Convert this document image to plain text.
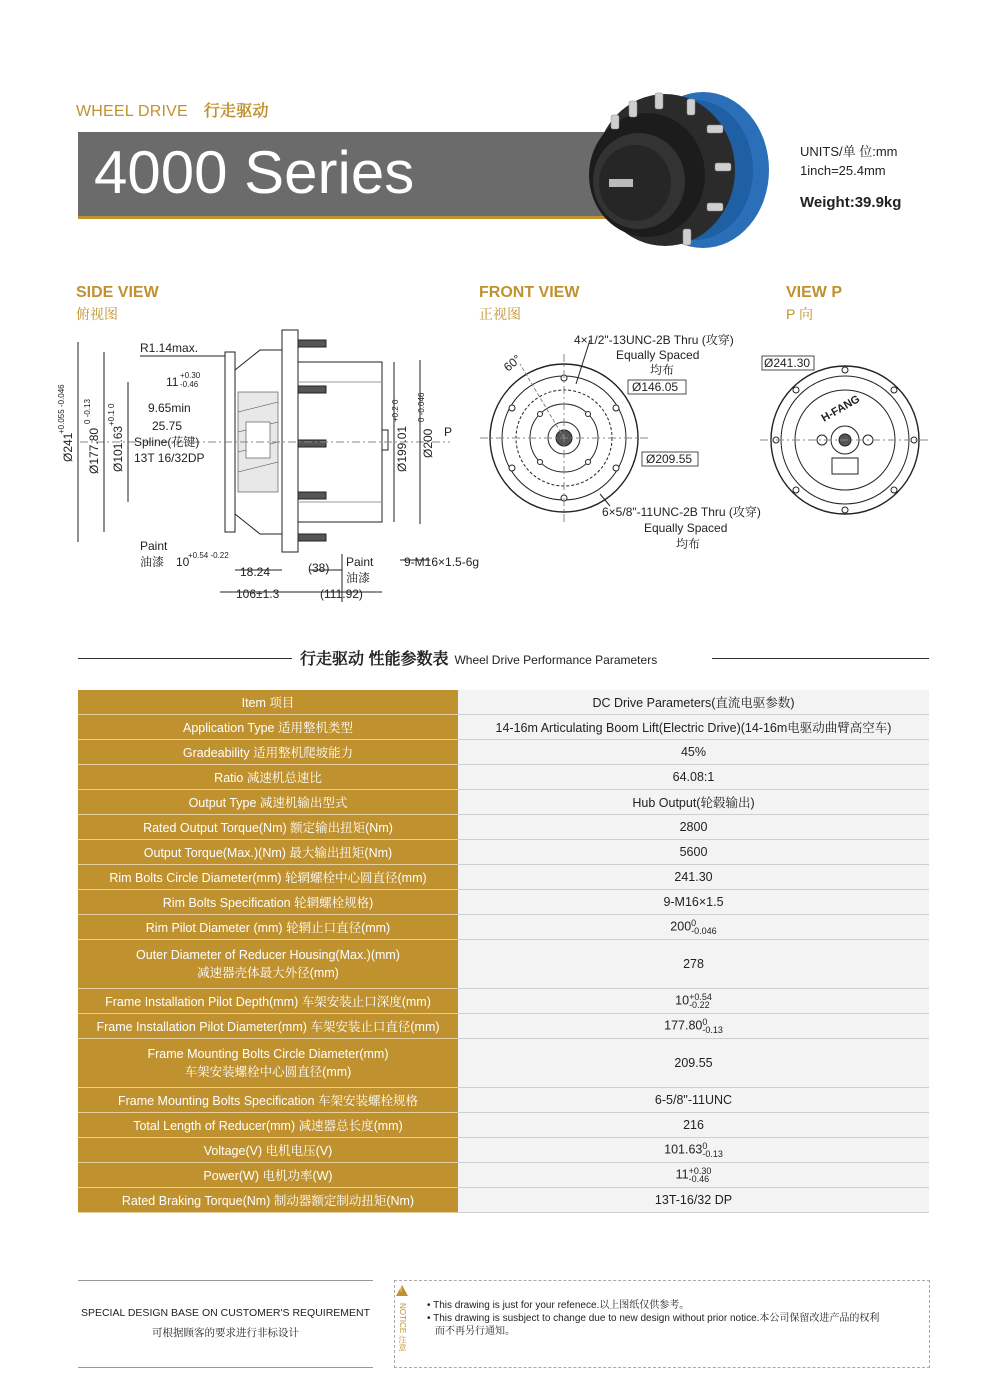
WHEEL DRIVE 行走驱动
4000 Series	UNITS/单 位:mm
1inch=25.4mm
Weight:39.9kg
SIDE VIEW
俯视图
FRONT VIEW
正视图
VIEW P
P 向
R1.14max.
11 +0.30
-0.46
9.65min
25.75
Spline(花键)
13T 16/32DP
Ø241
+0.055 -0.046
Ø177.80
0 -0.13
Ø101.63
+0.1 0
Ø199.01
+0.2 0
Ø200
0 -0.046
P
Paint
油漆 10
+0.54 -0.22
18.24	(38) Paint
油漆
9-M16×1.5-6g
106±1.3	(111.92)
4×1/2"-13UNC-2B Thru (攻穿)
Equally Spaced
均布
Ø146.05
60°
Ø209.55
6×5/8"-11UNC-2B Thru (攻穿)
Equally Spaced
均布
Ø241.30
H-FANG
行走驱动 性能参数表 Wheel Drive Performance Parameters
Item 项目	DC Drive Parameters(直流电驱参数)

Application Type 适用整机类型	14-16m Articulating Boom Lift(Electric Drive)(14-16m电驱动曲臂高空车)

Gradeability 适用整机爬坡能力	45%

Ratio 减速机总速比	64.08:1

Output Type 减速机输出型式	Hub Output(轮毂输出)

Rated Output Torque(Nm) 额定输出扭矩(Nm)	2800

Output Torque(Max.)(Nm) 最大输出扭矩(Nm)	5600

Rim Bolts Circle Diameter(mm) 轮辋螺栓中心圆直径(mm)	241.30

Rim Bolts Specification 轮辋螺栓规格)	9-M16×1.5

Rim Pilot Diameter (mm) 轮辋止口直径(mm)	200 0
-0.046

Outer Diameter of Reducer Housing(Max.)(mm)
减速器壳体最大外径(mm)	278

Frame Installation Pilot Depth(mm) 车架安装止口深度(mm)	10 +0.54
-0.22

Frame Installation Pilot Diameter(mm) 车架安装止口直径(mm)	177.80 0
-0.13

Frame Mounting Bolts Circle Diameter(mm)
车架安装螺栓中心圆直径(mm)	209.55

Frame Mounting Bolts Specification 车架安装螺栓规格	6-5/8"-11UNC

Total Length of Reducer(mm) 减速器总长度(mm)	216

Voltage(V) 电机电压(V)	101.63 0
-0.13

Power(W) 电机功率(W)	11 +0.30
-0.46

Rated Braking Torque(Nm) 制动器额定制动扭矩(Nm)	13T-16/32 DP
SPECIAL DESIGN BASE ON CUSTOMER'S REQUIREMENT
可根据顾客的要求进行非标设计
!
NOTICE 注意 • This drawing is just for your refenece.以上图纸仅供参考。
• This drawing is susbject to change due to new design without prior notice.本公司保留改进产品的权利
而不再另行通知。
